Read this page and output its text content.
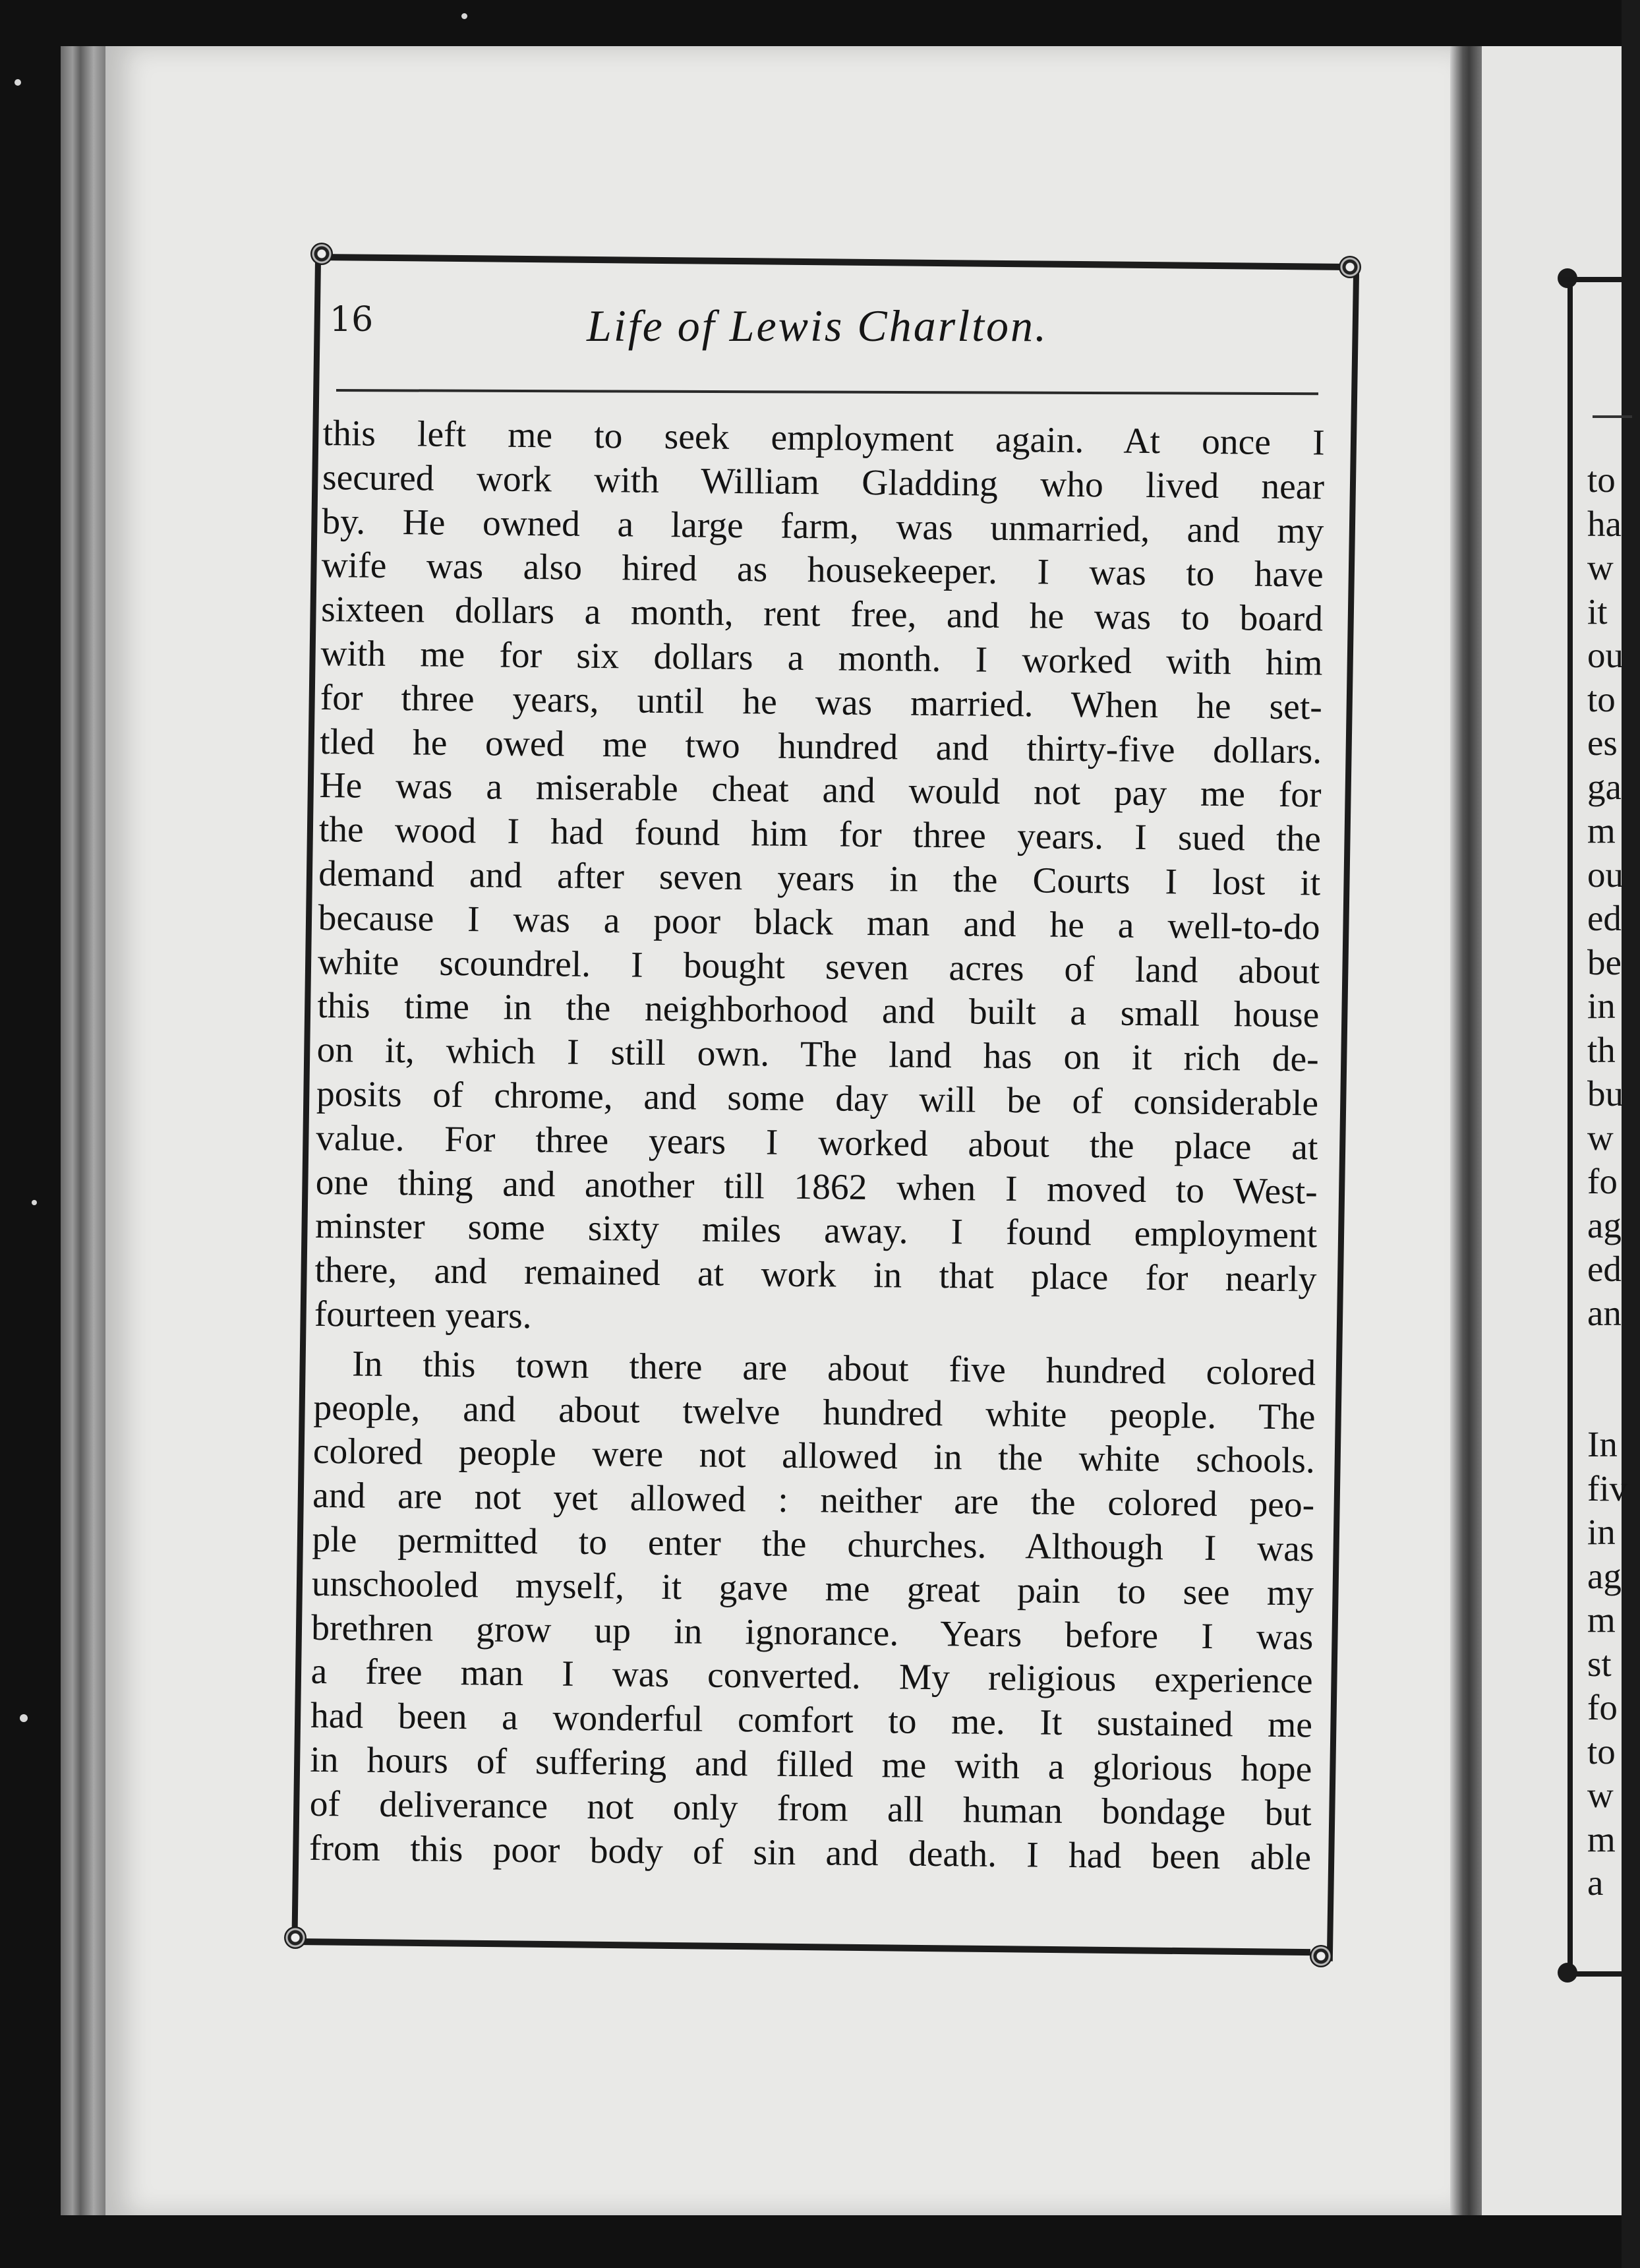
to
ha
w
it
ou
to
es
ga
m
ou
ed
be
in
th
bu
w
fo
ag
ed
an

In
fiv
in
ag
m
st
fo
to
w
m
a
16	Life of Lewis Charlton.
this left me to seek employment again. At once I
secured work with William Gladding who lived near
by. He owned a large farm, was unmarried, and my
wife was also hired as housekeeper. I was to have
sixteen dollars a month, rent free, and he was to board
with me for six dollars a month. I worked with him
for three years, until he was married. When he set-
tled he owed me two hundred and thirty-five dollars.
He was a miserable cheat and would not pay me for
the wood I had found him for three years. I sued the
demand and after seven years in the Courts I lost it
because I was a poor black man and he a well-to-do
white scoundrel. I bought seven acres of land about
this time in the neighborhood and built a small house
on it, which I still own. The land has on it rich de-
posits of chrome, and some day will be of considerable
value. For three years I worked about the place at
one thing and another till 1862 when I moved to West-
minster some sixty miles away. I found employment
there, and remained at work in that place for nearly
fourteen years.
In this town there are about five hundred colored
people, and about twelve hundred white people. The
colored people were not allowed in the white schools.
and are not yet allowed : neither are the colored peo-
ple permitted to enter the churches. Although I was
unschooled myself, it gave me great pain to see my
brethren grow up in ignorance. Years before I was
a free man I was converted. My religious experience
had been a wonderful comfort to me. It sustained me
in hours of suffering and filled me with a glorious hope
of deliverance not only from all human bondage but
from this poor body of sin and death. I had been able
